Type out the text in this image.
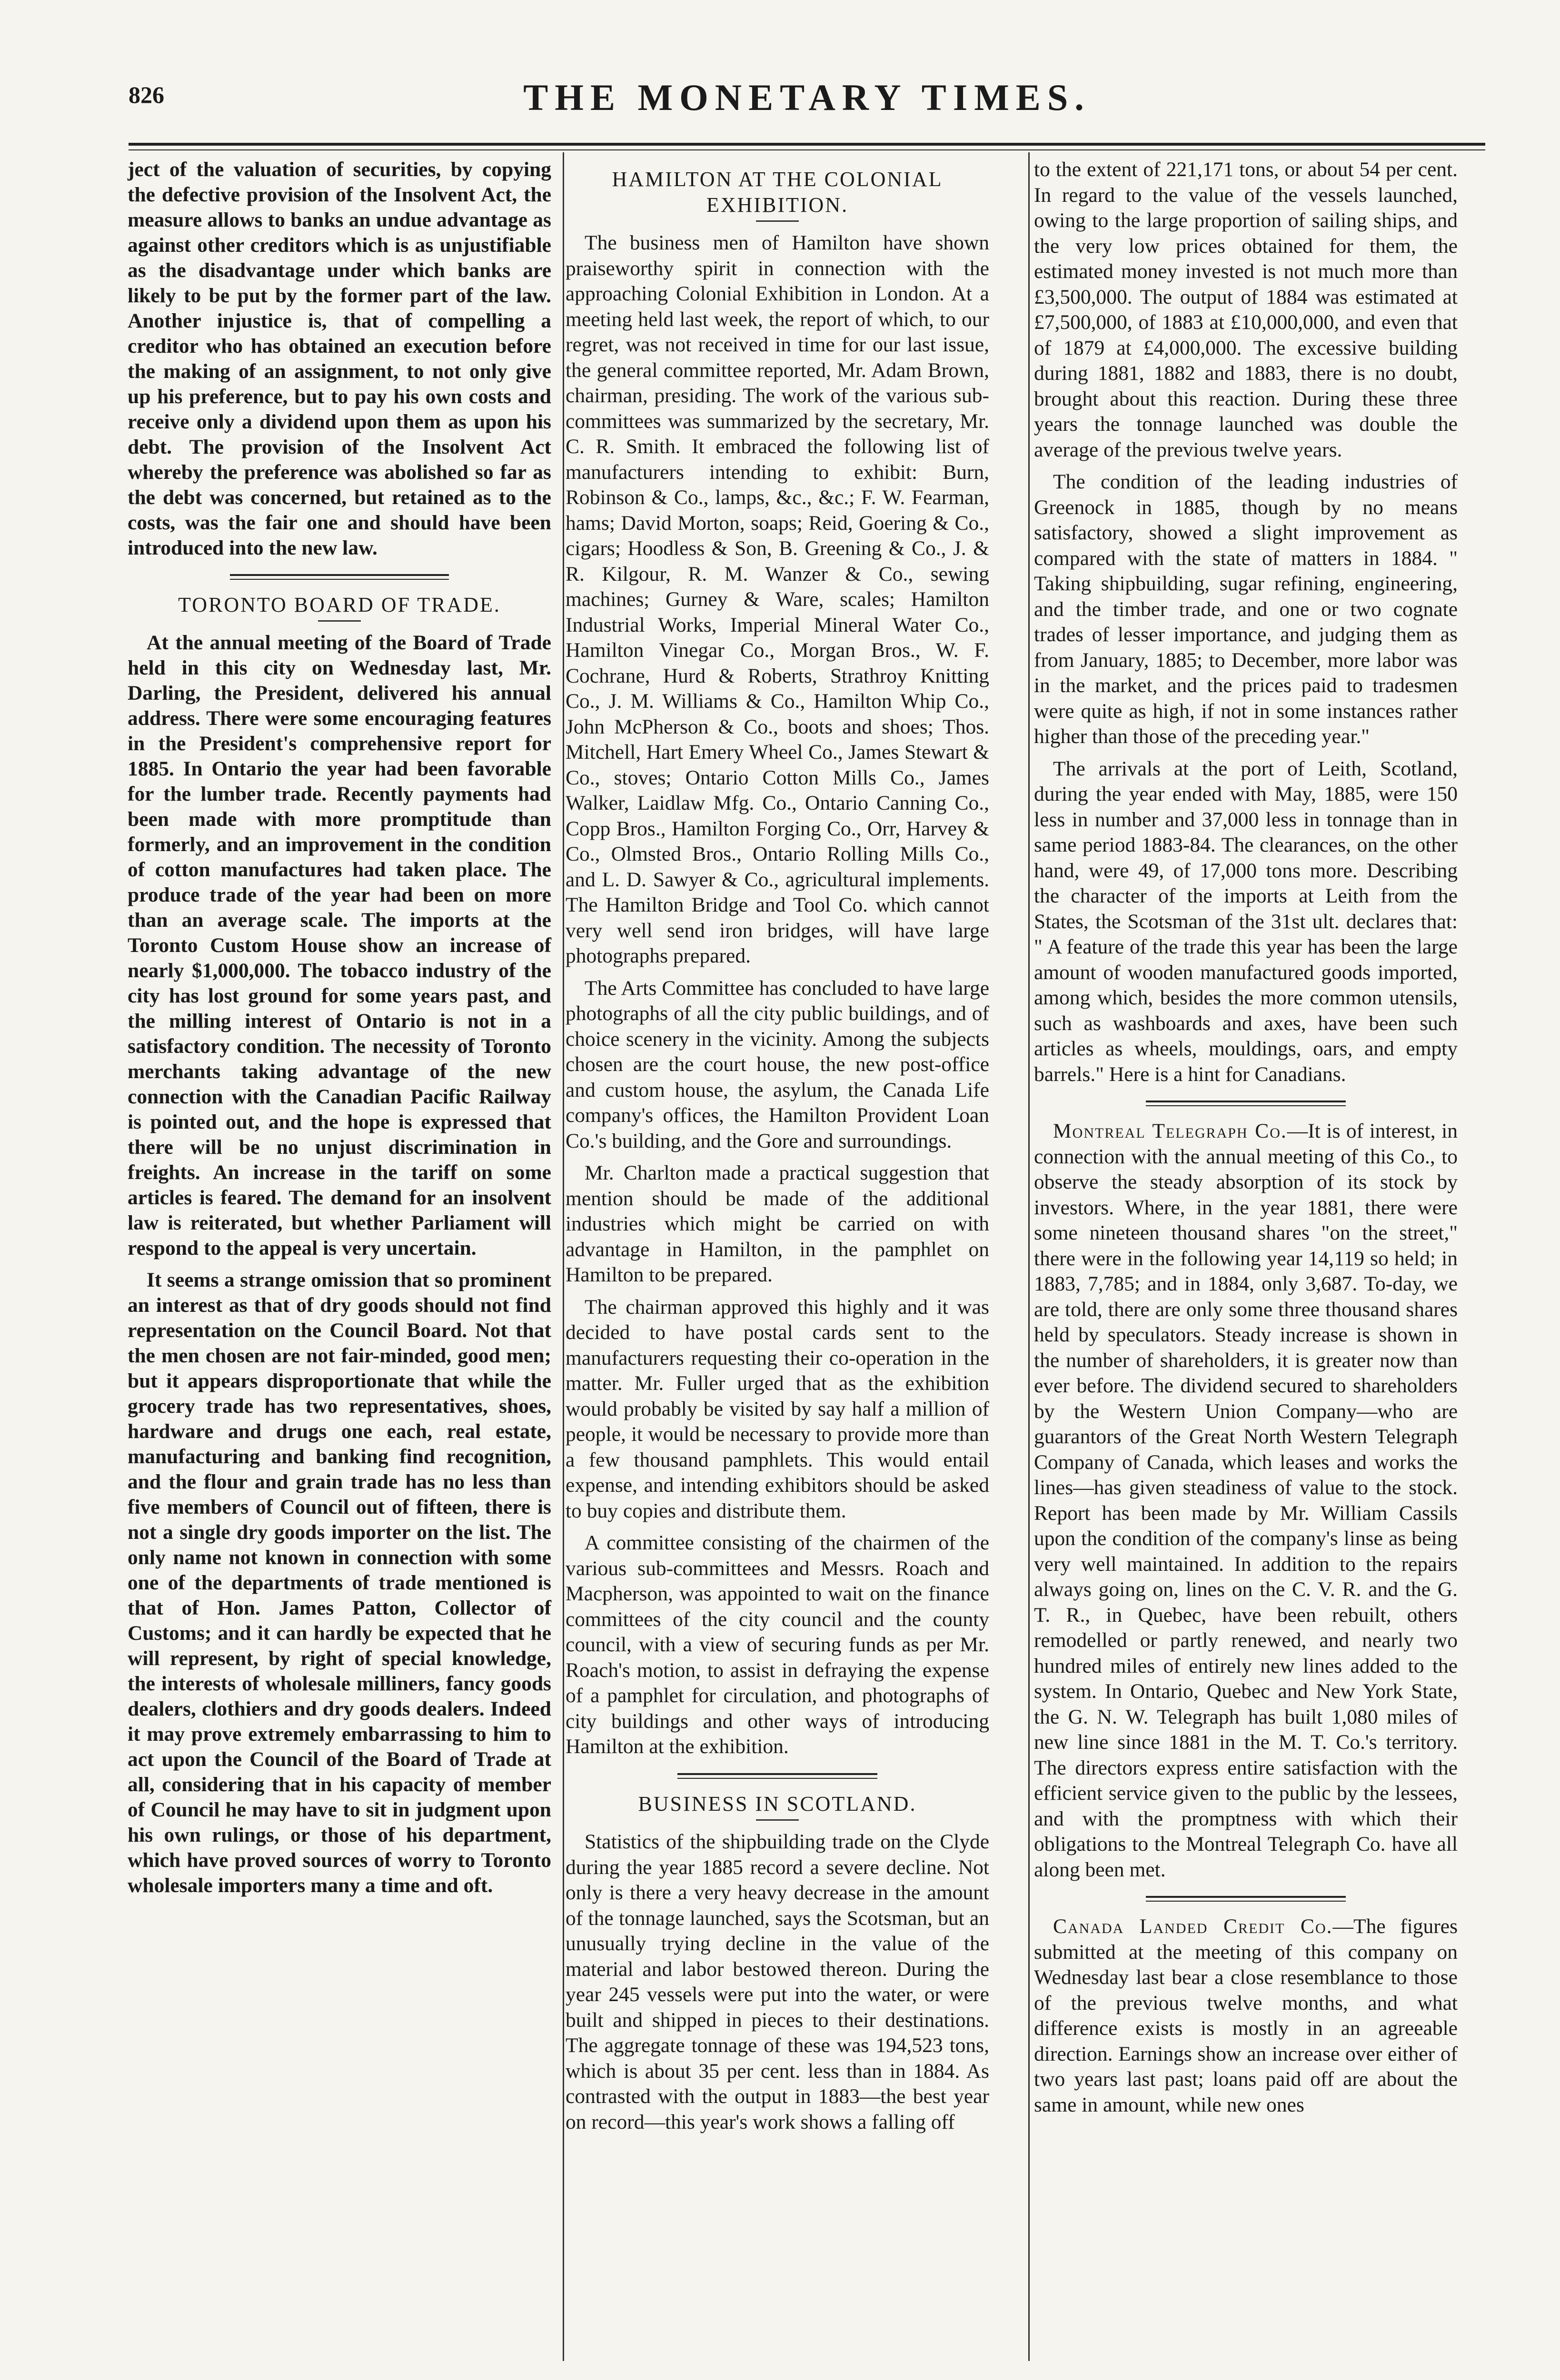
826	THE MONETARY TIMES.

ject of the valuation of securities, by copying the defective provision of the Insolvent Act, the measure allows to banks an undue advantage as against other creditors which is as unjustifiable as the disadvantage under which banks are likely to be put by the former part of the law. Another injustice is, that of compelling a creditor who has obtained an execution before the making of an assignment, to not only give up his preference, but to pay his own costs and receive only a dividend upon them as upon his debt. The provision of the Insolvent Act whereby the preference was abolished so far as the debt was concerned, but retained as to the costs, was the fair one and should have been introduced into the new law.

TORONTO BOARD OF TRADE.

At the annual meeting of the Board of Trade held in this city on Wednesday last, Mr. Darling, the President, delivered his annual address. There were some encouraging features in the President's comprehensive report for 1885. In Ontario the year had been favorable for the lumber trade. Recently payments had been made with more promptitude than formerly, and an improvement in the condition of cotton manufactures had taken place. The produce trade of the year had been on more than an average scale. The imports at the Toronto Custom House show an increase of nearly $1,000,000. The tobacco industry of the city has lost ground for some years past, and the milling interest of Ontario is not in a satisfactory condition. The necessity of Toronto merchants taking advantage of the new connection with the Canadian Pacific Railway is pointed out, and the hope is expressed that there will be no unjust discrimination in freights. An increase in the tariff on some articles is feared. The demand for an insolvent law is reiterated, but whether Parliament will respond to the appeal is very uncertain.

It seems a strange omission that so prominent an interest as that of dry goods should not find representation on the Council Board. Not that the men chosen are not fair-minded, good men; but it appears disproportionate that while the grocery trade has two representatives, shoes, hardware and drugs one each, real estate, manufacturing and banking find recognition, and the flour and grain trade has no less than five members of Council out of fifteen, there is not a single dry goods importer on the list. The only name not known in connection with some one of the departments of trade mentioned is that of Hon. James Patton, Collector of Customs; and it can hardly be expected that he will represent, by right of special knowledge, the interests of wholesale milliners, fancy goods dealers, clothiers and dry goods dealers. Indeed it may prove extremely embarrassing to him to act upon the Council of the Board of Trade at all, considering that in his capacity of member of Council he may have to sit in judgment upon his own rulings, or those of his department, which have proved sources of worry to Toronto wholesale importers many a time and oft.

HAMILTON AT THE COLONIAL EXHIBITION.

The business men of Hamilton have shown praiseworthy spirit in connection with the approaching Colonial Exhibition in London. At a meeting held last week, the report of which, to our regret, was not received in time for our last issue, the general committee reported, Mr. Adam Brown, chairman, presiding. The work of the various sub-committees was summarized by the secretary, Mr. C. R. Smith. It embraced the following list of manufacturers intending to exhibit: Burn, Robinson & Co., lamps, &c., &c.; F. W. Fearman, hams; David Morton, soaps; Reid, Goering & Co., cigars; Hoodless & Son, B. Greening & Co., J. & R. Kilgour, R. M. Wanzer & Co., sewing machines; Gurney & Ware, scales; Hamilton Industrial Works, Imperial Mineral Water Co., Hamilton Vinegar Co., Morgan Bros., W. F. Cochrane, Hurd & Roberts, Strathroy Knitting Co., J. M. Williams & Co., Hamilton Whip Co., John McPherson & Co., boots and shoes; Thos. Mitchell, Hart Emery Wheel Co., James Stewart & Co., stoves; Ontario Cotton Mills Co., James Walker, Laidlaw Mfg. Co., Ontario Canning Co., Copp Bros., Hamilton Forging Co., Orr, Harvey & Co., Olmsted Bros., Ontario Rolling Mills Co., and L. D. Sawyer & Co., agricultural implements. The Hamilton Bridge and Tool Co. which cannot very well send iron bridges, will have large photographs prepared.

The Arts Committee has concluded to have large photographs of all the city public buildings, and of choice scenery in the vicinity. Among the subjects chosen are the court house, the new post-office and custom house, the asylum, the Canada Life company's offices, the Hamilton Provident Loan Co.'s building, and the Gore and surroundings.

Mr. Charlton made a practical suggestion that mention should be made of the additional industries which might be carried on with advantage in Hamilton, in the pamphlet on Hamilton to be prepared.

The chairman approved this highly and it was decided to have postal cards sent to the manufacturers requesting their co-operation in the matter. Mr. Fuller urged that as the exhibition would probably be visited by say half a million of people, it would be necessary to provide more than a few thousand pamphlets. This would entail expense, and intending exhibitors should be asked to buy copies and distribute them.

A committee consisting of the chairmen of the various sub-committees and Messrs. Roach and Macpherson, was appointed to wait on the finance committees of the city council and the county council, with a view of securing funds as per Mr. Roach's motion, to assist in defraying the expense of a pamphlet for circulation, and photographs of city buildings and other ways of introducing Hamilton at the exhibition.

BUSINESS IN SCOTLAND.

Statistics of the shipbuilding trade on the Clyde during the year 1885 record a severe decline. Not only is there a very heavy decrease in the amount of the tonnage launched, says the Scotsman, but an unusually trying decline in the value of the material and labor bestowed thereon. During the year 245 vessels were put into the water, or were built and shipped in pieces to their destinations. The aggregate tonnage of these was 194,523 tons, which is about 35 per cent. less than in 1884. As contrasted with the output in 1883—the best year on record—this year's work shows a falling off

to the extent of 221,171 tons, or about 54 per cent. In regard to the value of the vessels launched, owing to the large proportion of sailing ships, and the very low prices obtained for them, the estimated money invested is not much more than £3,500,000. The output of 1884 was estimated at £7,500,000, of 1883 at £10,000,000, and even that of 1879 at £4,000,000. The excessive building during 1881, 1882 and 1883, there is no doubt, brought about this reaction. During these three years the tonnage launched was double the average of the previous twelve years.

The condition of the leading industries of Greenock in 1885, though by no means satisfactory, showed a slight improvement as compared with the state of matters in 1884. " Taking shipbuilding, sugar refining, engineering, and the timber trade, and one or two cognate trades of lesser importance, and judging them as from January, 1885; to December, more labor was in the market, and the prices paid to tradesmen were quite as high, if not in some instances rather higher than those of the preceding year."

The arrivals at the port of Leith, Scotland, during the year ended with May, 1885, were 150 less in number and 37,000 less in tonnage than in same period 1883-84. The clearances, on the other hand, were 49, of 17,000 tons more. Describing the character of the imports at Leith from the States, the Scotsman of the 31st ult. declares that: " A feature of the trade this year has been the large amount of wooden manufactured goods imported, among which, besides the more common utensils, such as washboards and axes, have been such articles as wheels, mouldings, oars, and empty barrels." Here is a hint for Canadians.

Montreal Telegraph Co.—It is of interest, in connection with the annual meeting of this Co., to observe the steady absorption of its stock by investors. Where, in the year 1881, there were some nineteen thousand shares "on the street," there were in the following year 14,119 so held; in 1883, 7,785; and in 1884, only 3,687. To-day, we are told, there are only some three thousand shares held by speculators. Steady increase is shown in the number of shareholders, it is greater now than ever before. The dividend secured to shareholders by the Western Union Company—who are guarantors of the Great North Western Telegraph Company of Canada, which leases and works the lines—has given steadiness of value to the stock. Report has been made by Mr. William Cassils upon the condition of the company's linse as being very well maintained. In addition to the repairs always going on, lines on the C. V. R. and the G. T. R., in Quebec, have been rebuilt, others remodelled or partly renewed, and nearly two hundred miles of entirely new lines added to the system. In Ontario, Quebec and New York State, the G. N. W. Telegraph has built 1,080 miles of new line since 1881 in the M. T. Co.'s territory. The directors express entire satisfaction with the efficient service given to the public by the lessees, and with the promptness with which their obligations to the Montreal Telegraph Co. have all along been met.

Canada Landed Credit Co.—The figures submitted at the meeting of this company on Wednesday last bear a close resemblance to those of the previous twelve months, and what difference exists is mostly in an agreeable direction. Earnings show an increase over either of two years last past; loans paid off are about the same in amount, while new ones
